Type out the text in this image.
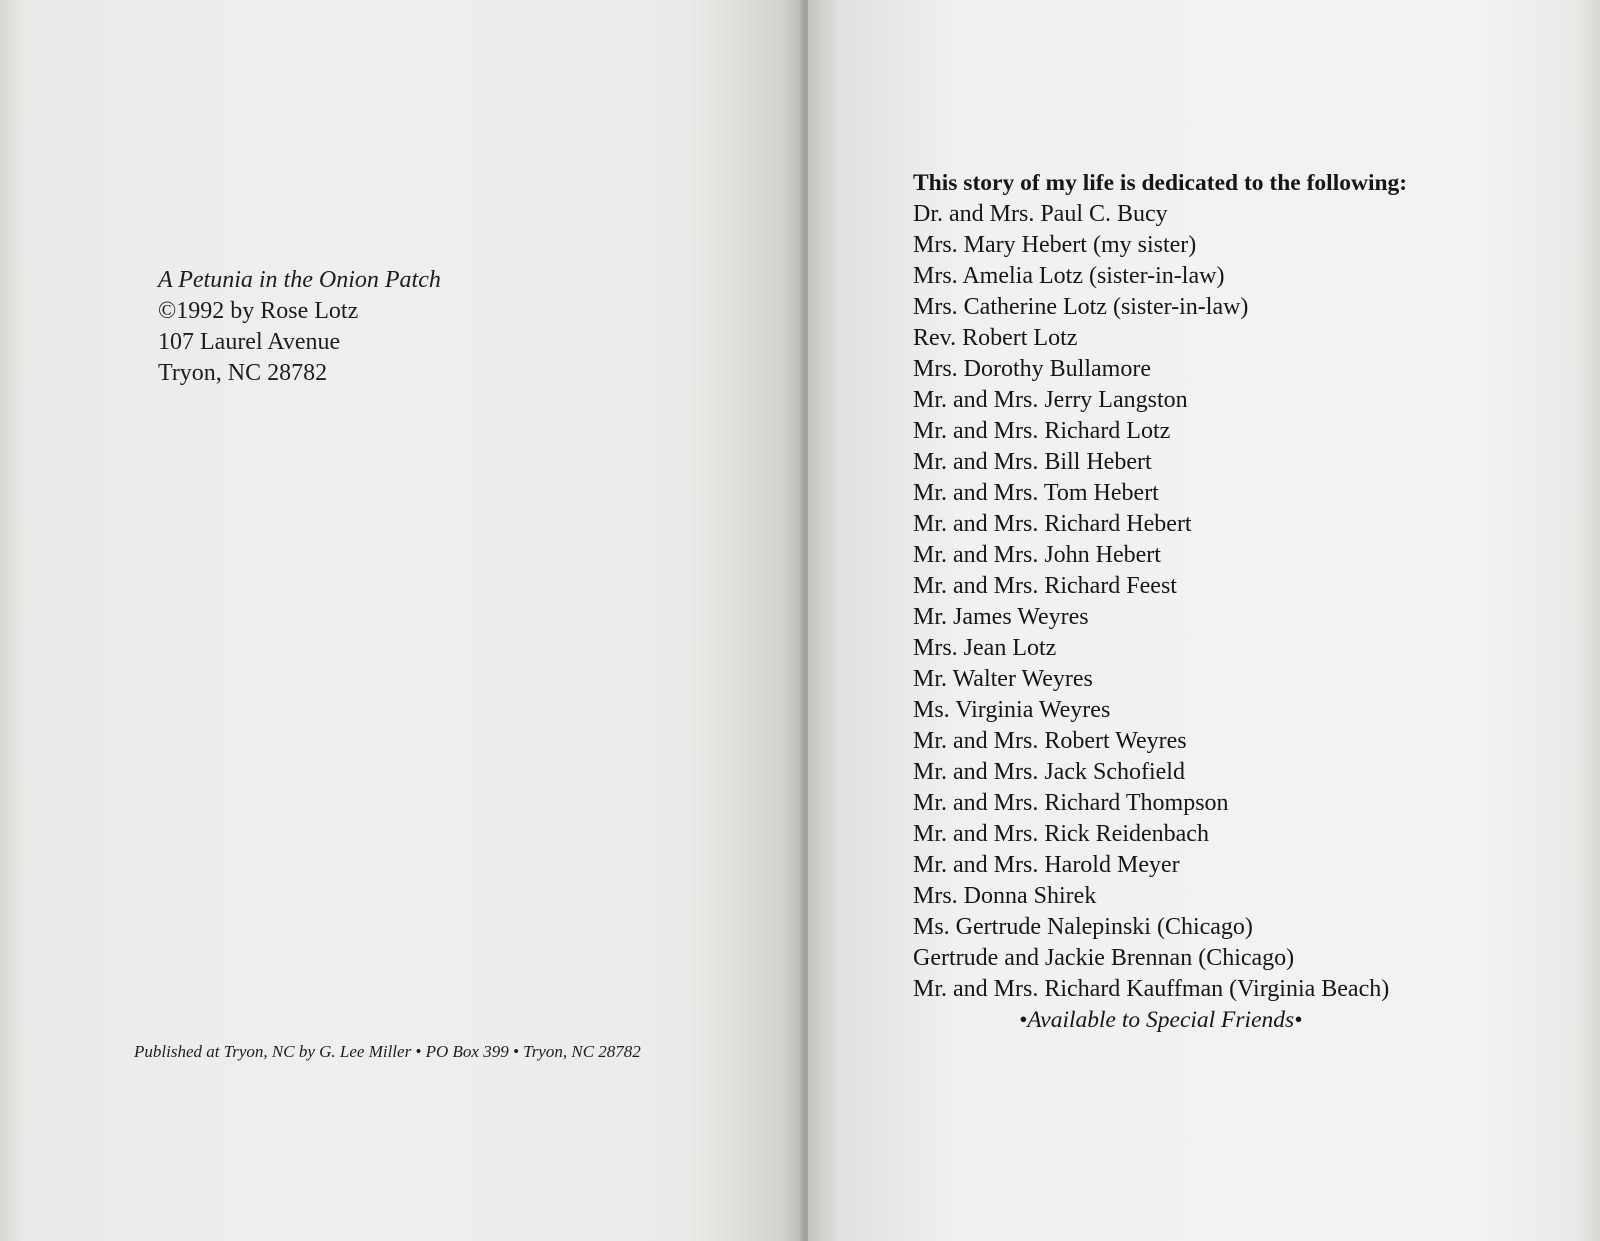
A Petunia in the Onion Patch
©1992 by Rose Lotz
107 Laurel Avenue
Tryon, NC 28782
Published at Tryon, NC by G. Lee Miller • PO Box 399 • Tryon, NC 28782
This story of my life is dedicated to the following:
Dr. and Mrs. Paul C. Bucy
Mrs. Mary Hebert (my sister)
Mrs. Amelia Lotz (sister-in-law)
Mrs. Catherine Lotz (sister-in-law)
Rev. Robert Lotz
Mrs. Dorothy Bullamore
Mr. and Mrs. Jerry Langston
Mr. and Mrs. Richard Lotz
Mr. and Mrs. Bill Hebert
Mr. and Mrs. Tom Hebert
Mr. and Mrs. Richard Hebert
Mr. and Mrs. John Hebert
Mr. and Mrs. Richard Feest
Mr. James Weyres
Mrs. Jean Lotz
Mr. Walter Weyres
Ms. Virginia Weyres
Mr. and Mrs. Robert Weyres
Mr. and Mrs. Jack Schofield
Mr. and Mrs. Richard Thompson
Mr. and Mrs. Rick Reidenbach
Mr. and Mrs. Harold Meyer
Mrs. Donna Shirek
Ms. Gertrude Nalepinski (Chicago)
Gertrude and Jackie Brennan (Chicago)
Mr. and Mrs. Richard Kauffman (Virginia Beach)
•Available to Special Friends•
